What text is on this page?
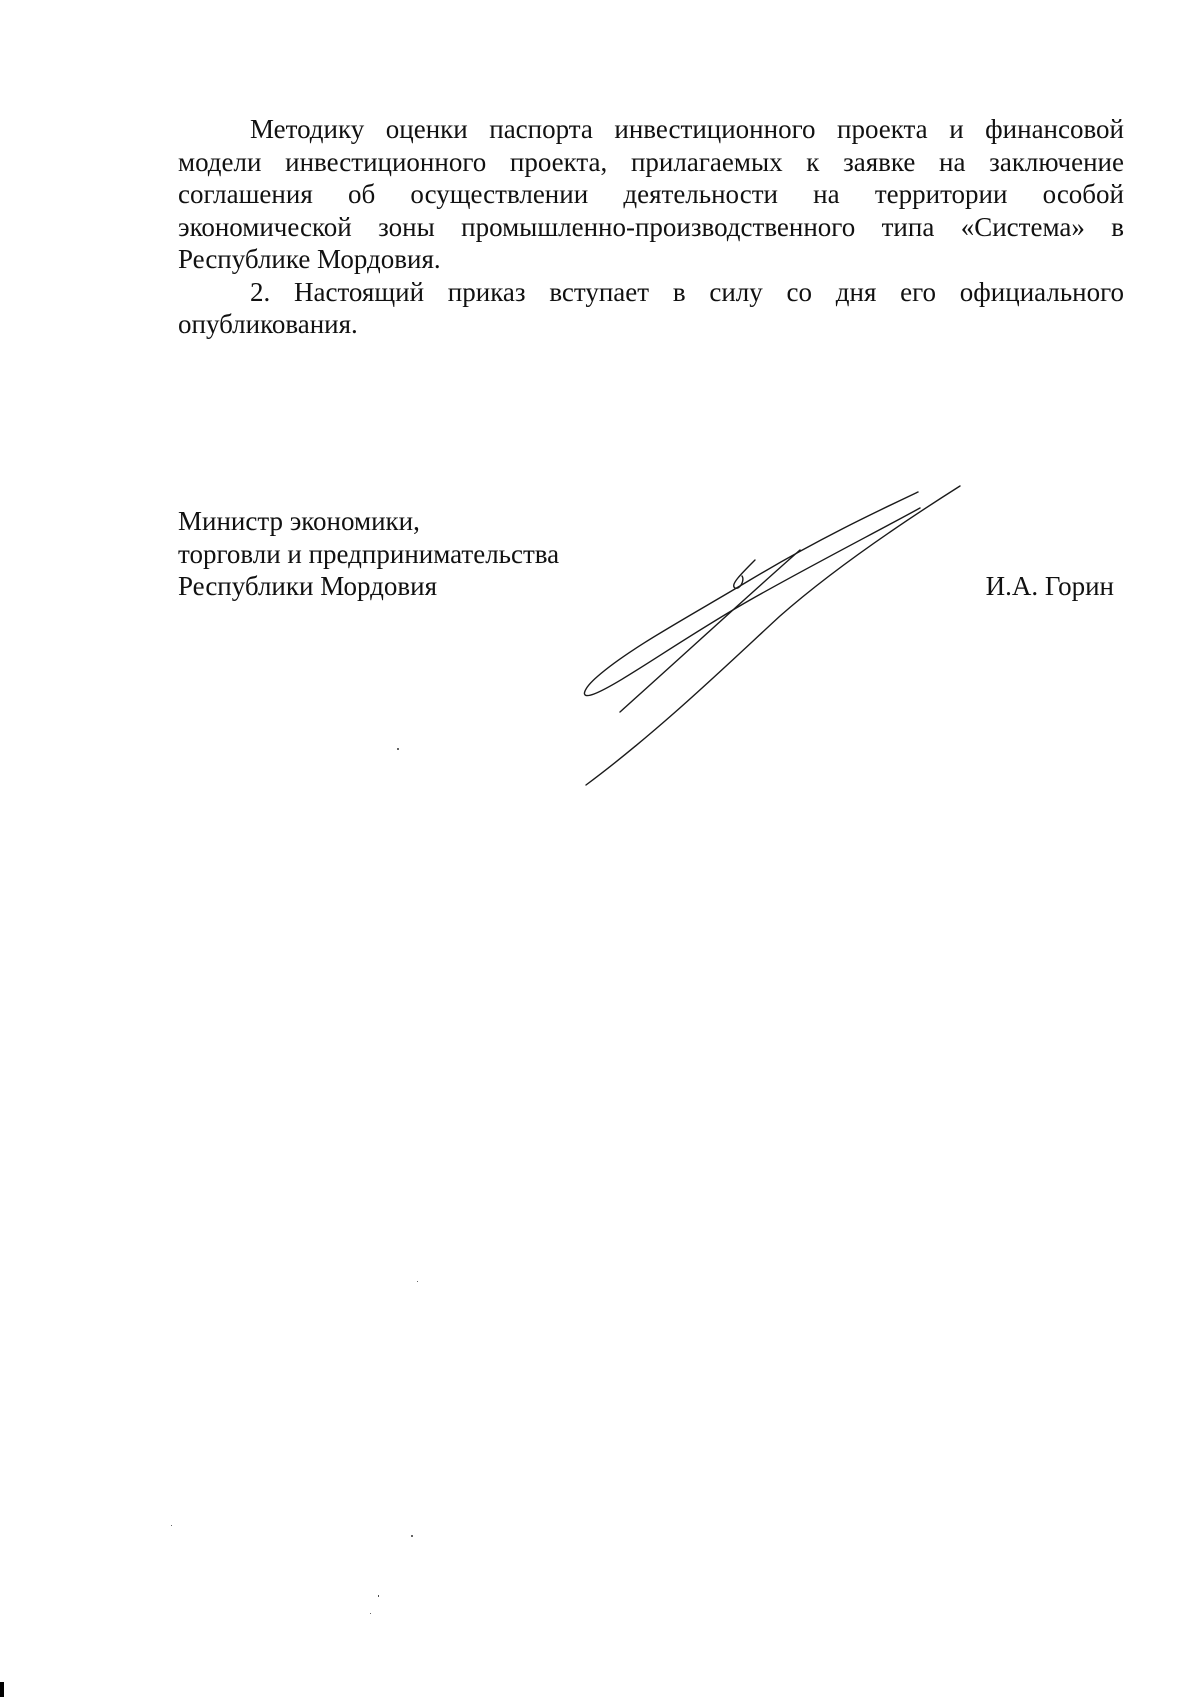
Методику оценки паспорта инвестиционного проекта и финансовой модели инвестиционного проекта, прилагаемых к заявке на заключение соглашения об осуществлении деятельности на территории особой экономической зоны промышленно-производственного типа «Система» в Республике Мордовия.

2. Настоящий приказ вступает в силу со дня его официального опубликования.

Министр экономики,
торговли и предпринимательства
Республики Мордовия	И.А. Горин
